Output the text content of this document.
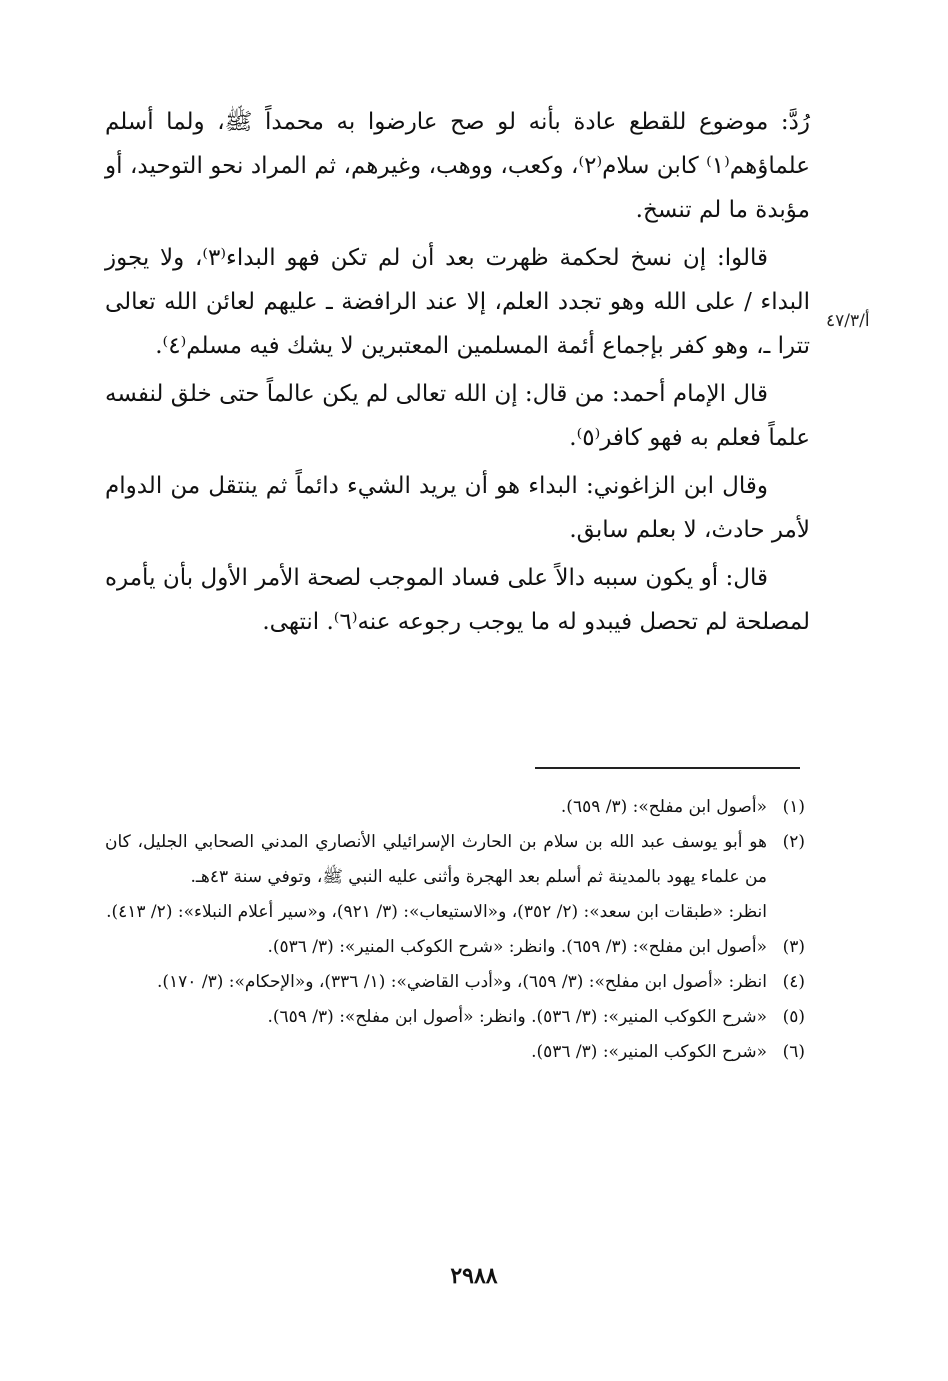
رُدَّ: موضوع للقطع عادة بأنه لو صح عارضوا به محمداً ﷺ، ولما أسلم علماؤهم⁽١⁾ كابن سلام⁽٢⁾، وكعب، ووهب، وغيرهم، ثم المراد نحو التوحيد، أو مؤبدة ما لم تنسخ.

قالوا: إن نسخ لحكمة ظهرت بعد أن لم تكن فهو البداء⁽٣⁾، ولا يجوز البداء / على الله وهو تجدد العلم، إلا عند الرافضة ـ عليهم لعائن الله تعالى تترا ـ، وهو كفر بإجماع أئمة المسلمين المعتبرين لا يشك فيه مسلم⁽٤⁾.

قال الإمام أحمد: من قال: إن الله تعالى لم يكن عالماً حتى خلق لنفسه علماً فعلم به فهو كافر⁽٥⁾.

وقال ابن الزاغوني: البداء هو أن يريد الشيء دائماً ثم ينتقل من الدوام لأمر حادث، لا بعلم سابق.

قال: أو يكون سببه دالاً على فساد الموجب لصحة الأمر الأول بأن يأمره لمصلحة لم تحصل فيبدو له ما يوجب رجوعه عنه⁽٦⁾. انتهى.

أ/٤٧/٣
(١)
«أصول ابن مفلح»: (٣/ ٦٥٩).
(٢)
هو أبو يوسف عبد الله بن سلام بن الحارث الإسرائيلي الأنصاري المدني الصحابي الجليل، كان من علماء يهود بالمدينة ثم أسلم بعد الهجرة وأثنى عليه النبي ﷺ، وتوفي سنة ٤٣هـ.
انظر: «طبقات ابن سعد»: (٢/ ٣٥٢)، و«الاستيعاب»: (٣/ ٩٢١)، و«سير أعلام النبلاء»: (٢/ ٤١٣).
(٣)
«أصول ابن مفلح»: (٣/ ٦٥٩). وانظر: «شرح الكوكب المنير»: (٣/ ٥٣٦).
(٤)
انظر: «أصول ابن مفلح»: (٣/ ٦٥٩)، و«أدب القاضي»: (١/ ٣٣٦)، و«الإحكام»: (٣/ ١٧٠).
(٥)
«شرح الكوكب المنير»: (٣/ ٥٣٦). وانظر: «أصول ابن مفلح»: (٣/ ٦٥٩).
(٦)
«شرح الكوكب المنير»: (٣/ ٥٣٦).
٢٩٨٨
